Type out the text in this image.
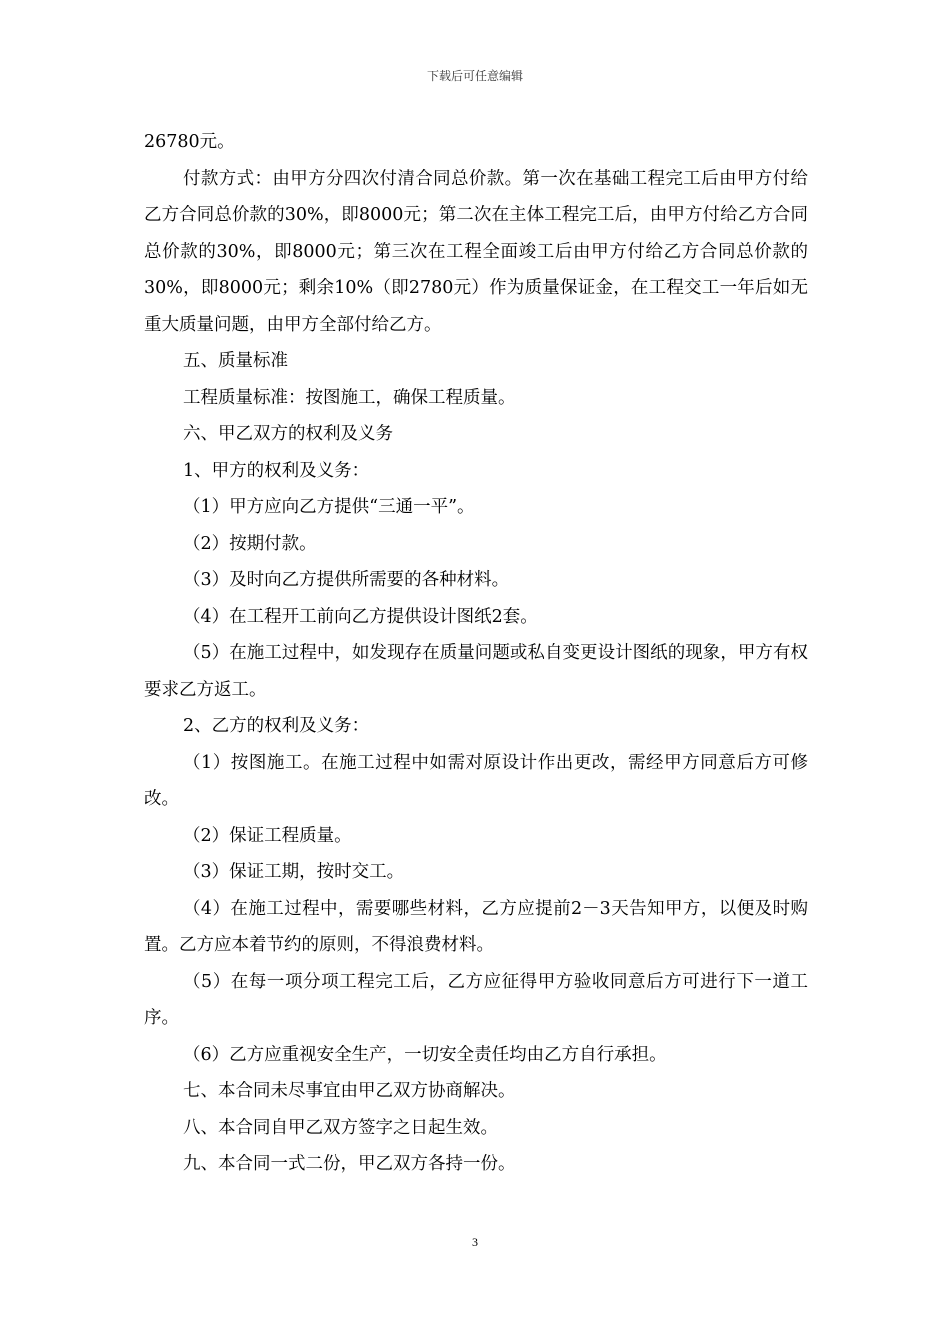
下载后可任意编辑

26780元。

付款方式：由甲方分四次付清合同总价款。第一次在基础工程完工后由甲方付给乙方合同总价款的30%，即8000元；第二次在主体工程完工后，由甲方付给乙方合同总价款的30%，即8000元；第三次在工程全面竣工后由甲方付给乙方合同总价款的30%，即8000元；剩余10%（即2780元）作为质量保证金，在工程交工一年后如无重大质量问题，由甲方全部付给乙方。

五、质量标准

工程质量标准：按图施工，确保工程质量。

六、甲乙双方的权利及义务

1、甲方的权利及义务：

（1）甲方应向乙方提供“三通一平”。

（2）按期付款。

（3）及时向乙方提供所需要的各种材料。

（4）在工程开工前向乙方提供设计图纸2套。

（5）在施工过程中，如发现存在质量问题或私自变更设计图纸的现象，甲方有权要求乙方返工。

2、乙方的权利及义务：

（1）按图施工。在施工过程中如需对原设计作出更改，需经甲方同意后方可修改。

（2）保证工程质量。

（3）保证工期，按时交工。

（4）在施工过程中，需要哪些材料，乙方应提前2－3天告知甲方，以便及时购置。乙方应本着节约的原则，不得浪费材料。

（5）在每一项分项工程完工后，乙方应征得甲方验收同意后方可进行下一道工序。

（6）乙方应重视安全生产，一切安全责任均由乙方自行承担。

七、本合同未尽事宜由甲乙双方协商解决。

八、本合同自甲乙双方签字之日起生效。

九、本合同一式二份，甲乙双方各持一份。

3
